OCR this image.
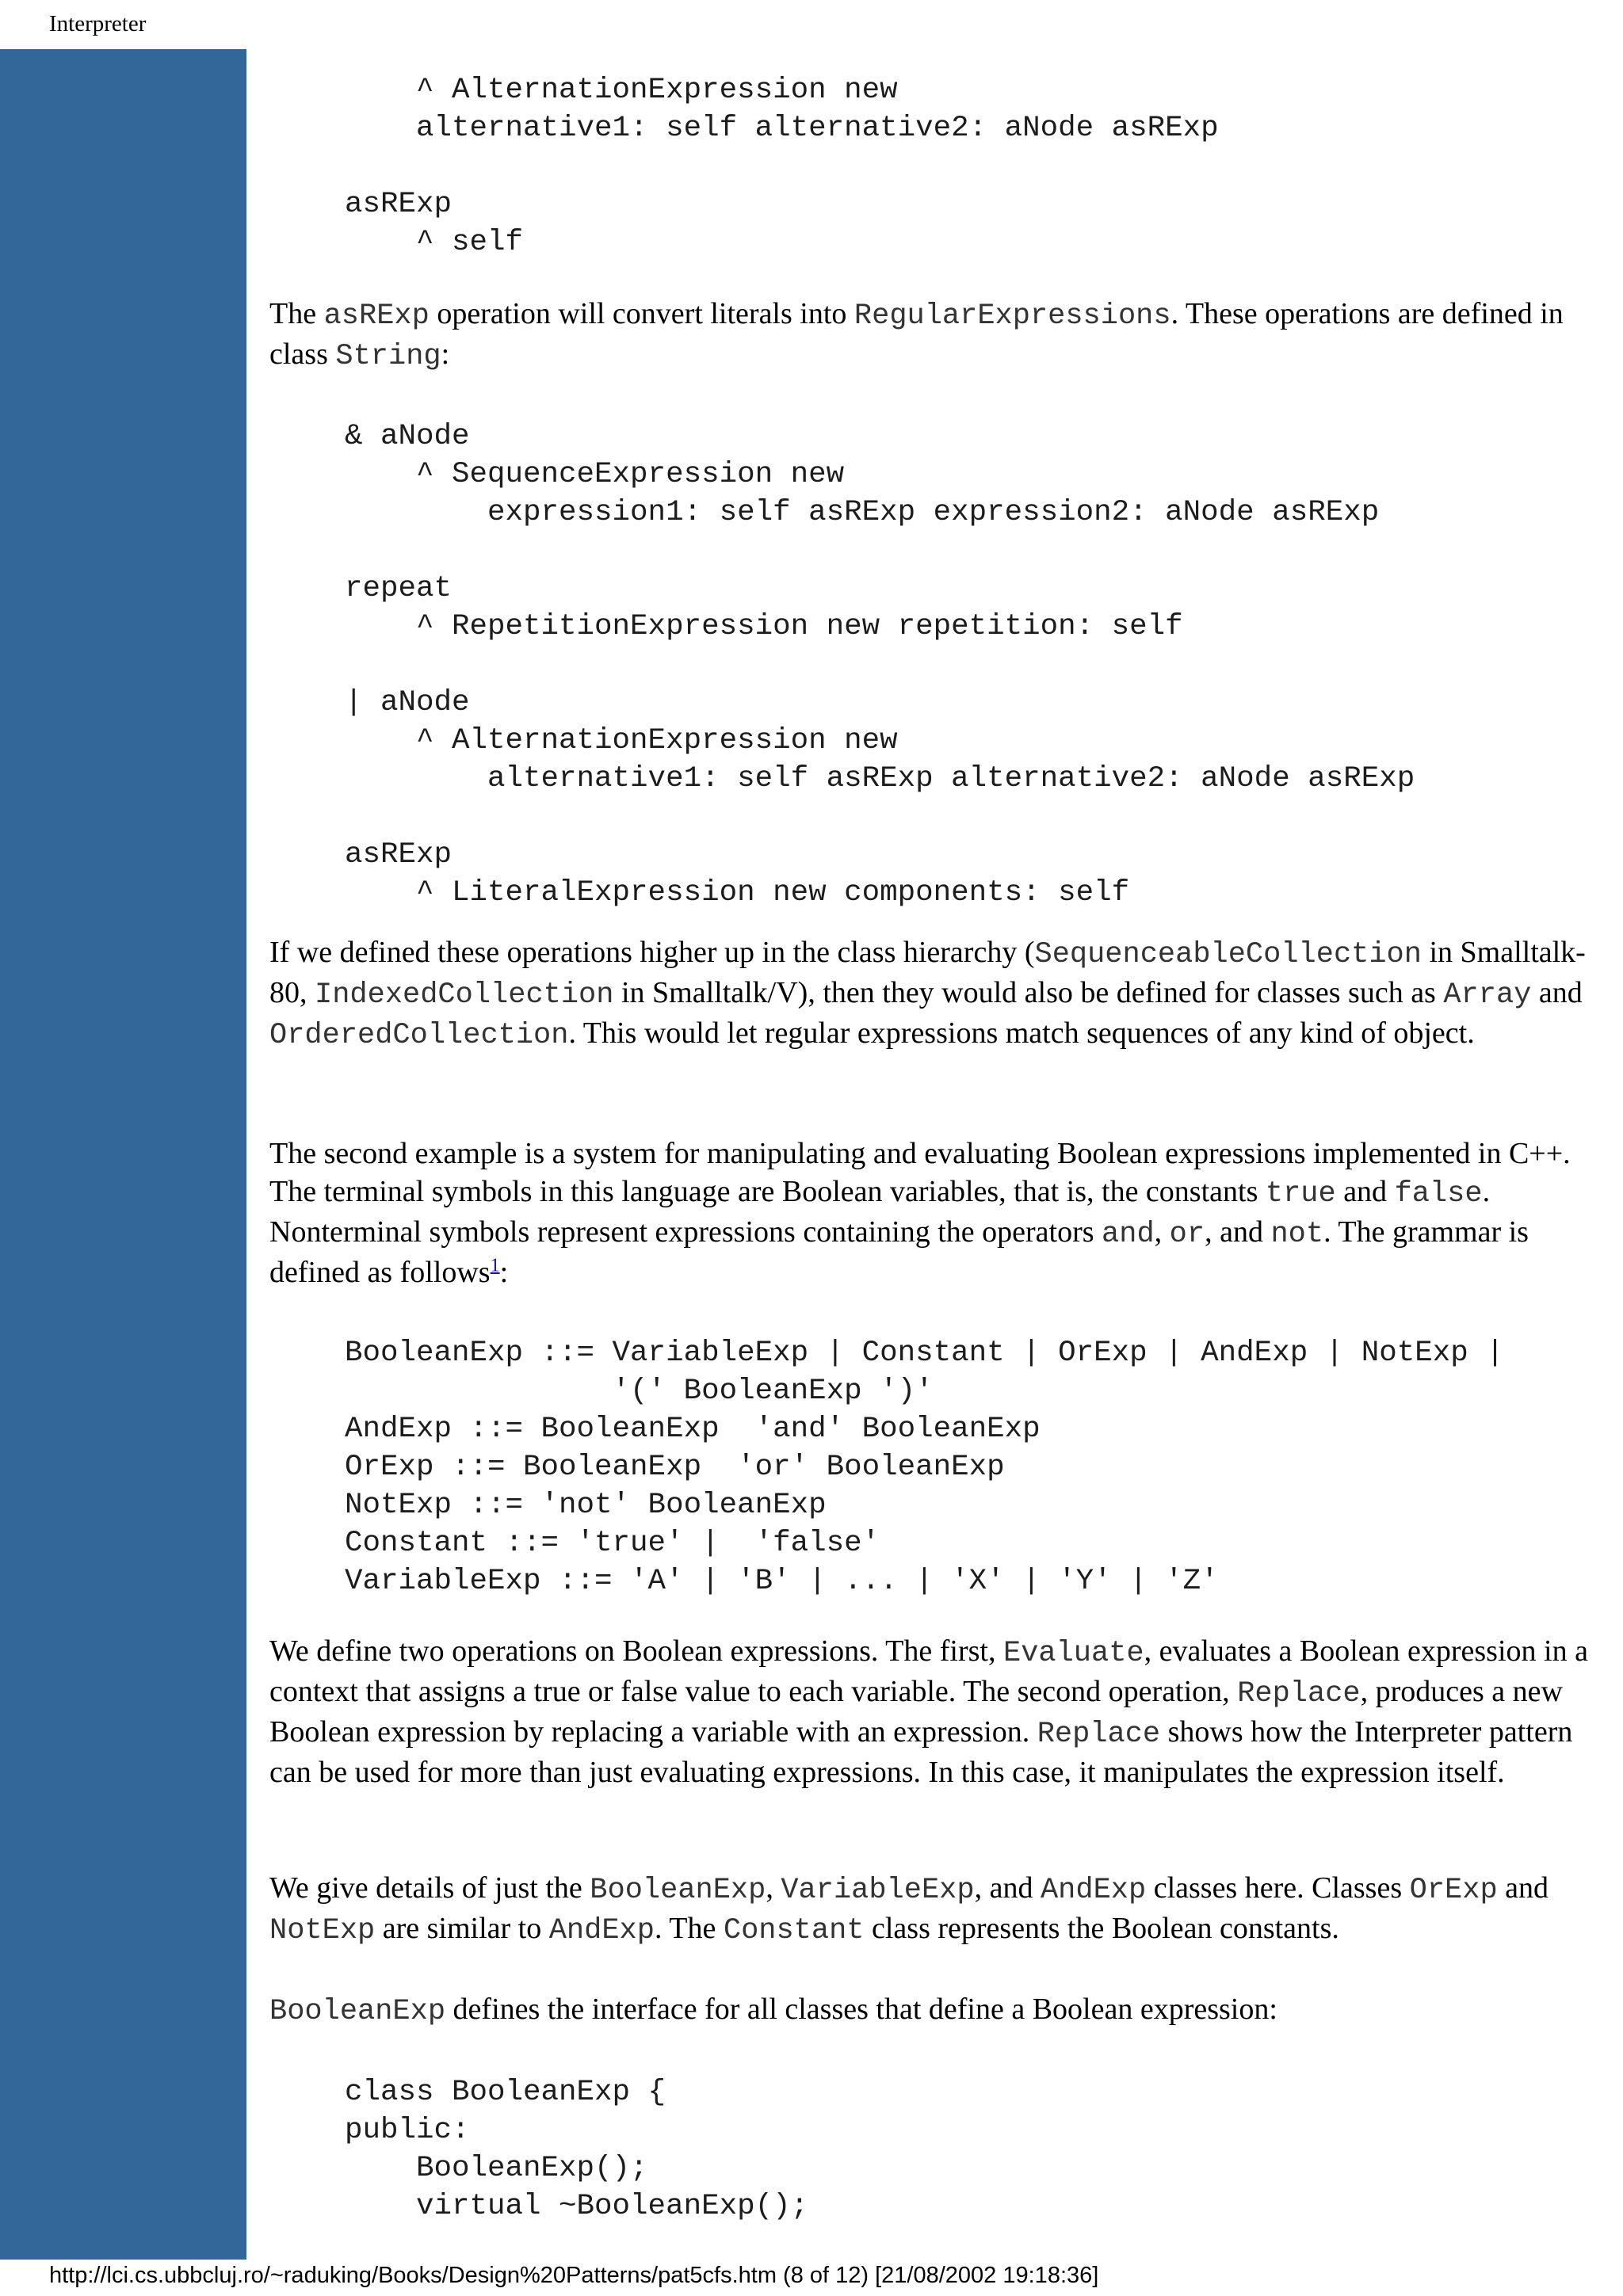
Interpreter
^ AlternationExpression new
alternative1: self alternative2: aNode asRExp

asRExp
^ self

The asRExp operation will convert literals into RegularExpressions. These operations are defined in class String:

& aNode
^ SequenceExpression new
expression1: self asRExp expression2: aNode asRExp

repeat
^ RepetitionExpression new repetition: self

| aNode
^ AlternationExpression new
alternative1: self asRExp alternative2: aNode asRExp

asRExp
^ LiteralExpression new components: self

If we defined these operations higher up in the class hierarchy (SequenceableCollection in Smalltalk-80, IndexedCollection in Smalltalk/V), then they would also be defined for classes such as Array and OrderedCollection. This would let regular expressions match sequences of any kind of object.

The second example is a system for manipulating and evaluating Boolean expressions implemented in C++. The terminal symbols in this language are Boolean variables, that is, the constants true and false. Nonterminal symbols represent expressions containing the operators and, or, and not. The grammar is defined as follows$^1$:

BooleanExp ::= VariableExp | Constant | OrExp | AndExp | NotExp |
'(' BooleanExp ')'
AndExp ::= BooleanExp  'and' BooleanExp
OrExp ::= BooleanExp  'or' BooleanExp
NotExp ::= 'not' BooleanExp
Constant ::= 'true' |  'false'
VariableExp ::= 'A' | 'B' | ... | 'X' | 'Y' | 'Z'

We define two operations on Boolean expressions. The first, Evaluate, evaluates a Boolean expression in a context that assigns a true or false value to each variable. The second operation, Replace, produces a new Boolean expression by replacing a variable with an expression. Replace shows how the Interpreter pattern can be used for more than just evaluating expressions. In this case, it manipulates the expression itself.

We give details of just the BooleanExp, VariableExp, and AndExp classes here. Classes OrExp and NotExp are similar to AndExp. The Constant class represents the Boolean constants.

BooleanExp defines the interface for all classes that define a Boolean expression:

class BooleanExp {
public:
BooleanExp();
virtual ~BooleanExp();
http://lci.cs.ubbcluj.ro/~raduking/Books/Design%20Patterns/pat5cfs.htm (8 of 12) [21/08/2002 19:18:36]
